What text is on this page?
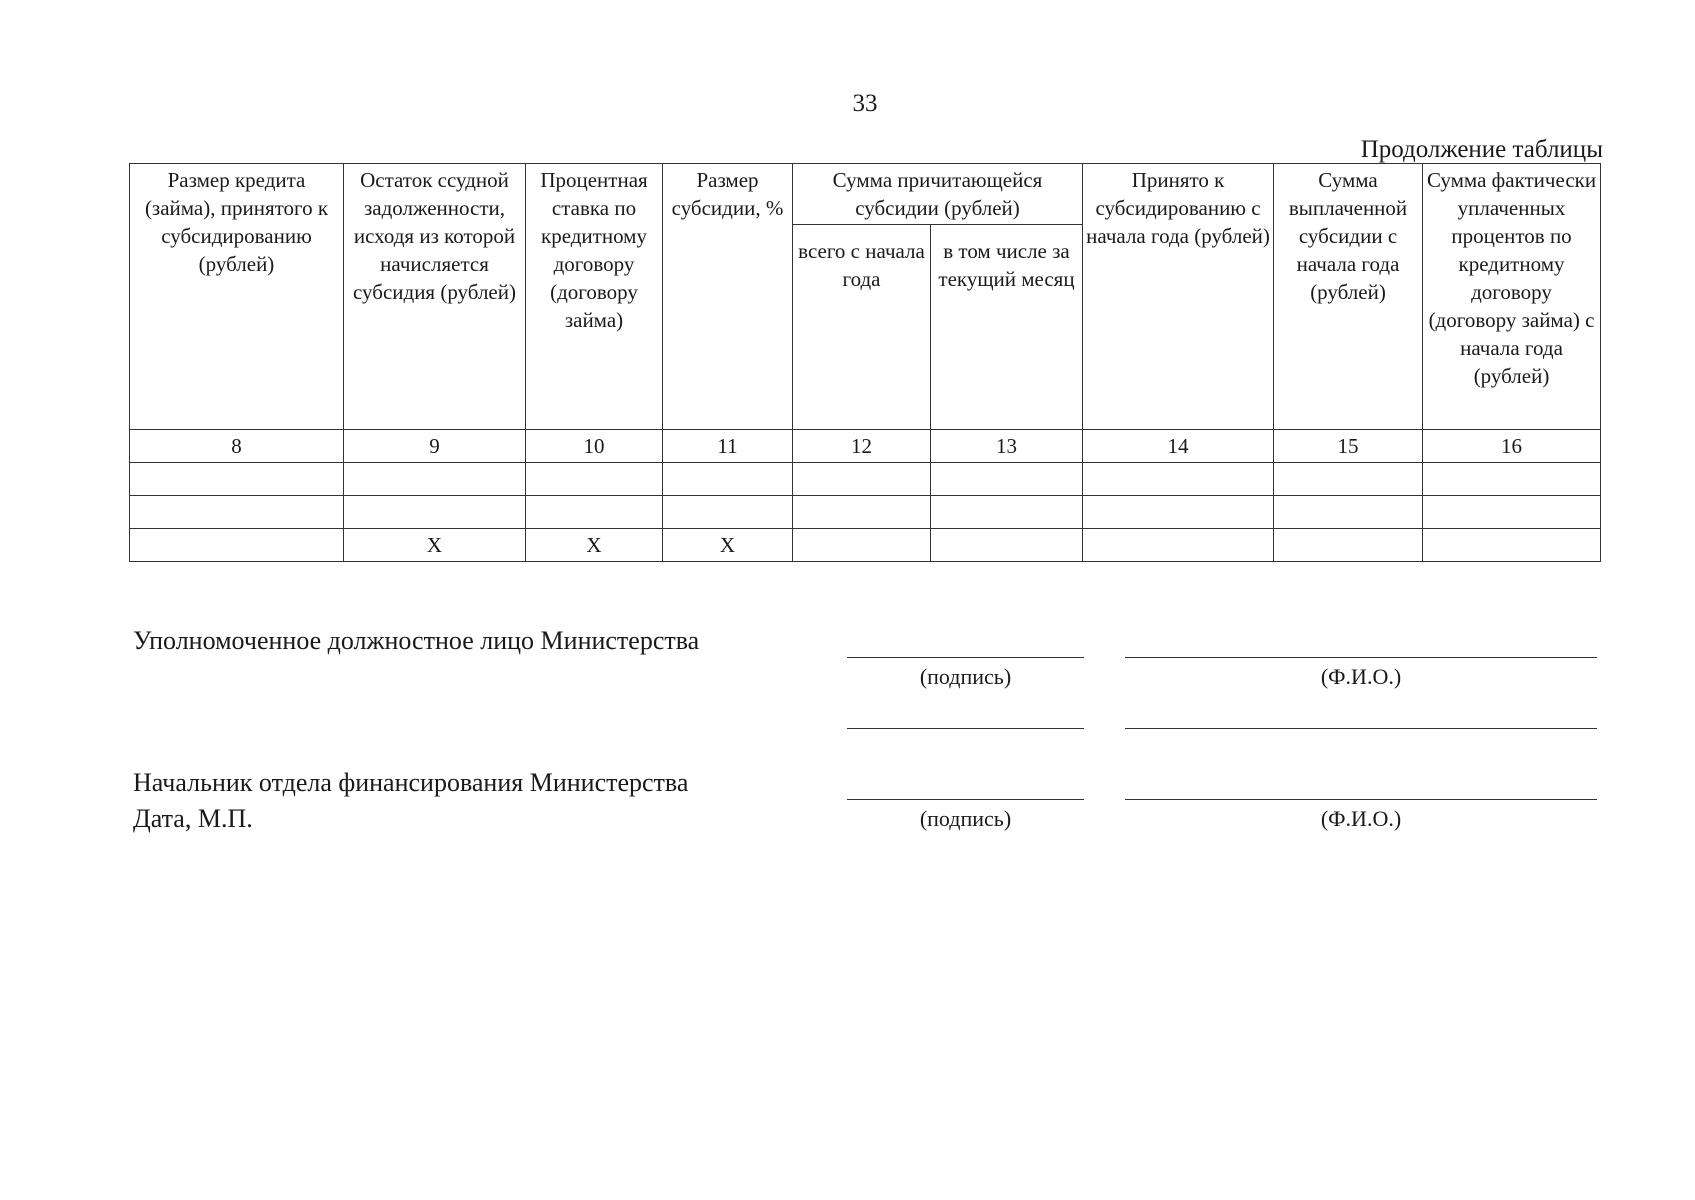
33
Продолжение таблицы
Размер кредита (займа), принятого к субсидированию (рублей)	Остаток ссудной задолженности, исходя из которой начисляется субсидия (рублей)	Процентная ставка по кредитному договору (договору займа)	Размер субсидии, %	Сумма причитающейся субсидии (рублей)		Принято к субсидированию с начала года (рублей)	Сумма выплаченной субсидии с начала года (рублей)	Сумма фактически уплаченных процентов по кредитному договору (договору займа) с начала года (рублей)
				всего с начала года	в том числе за текущий месяц			
8	9	10	11	12	13	14	15	16

	X	X	X					
Уполномоченное должностное лицо Министерства
(подпись)	(Ф.И.О.)
Начальник отдела финансирования Министерства
Дата, М.П.	(подпись)	(Ф.И.О.)
